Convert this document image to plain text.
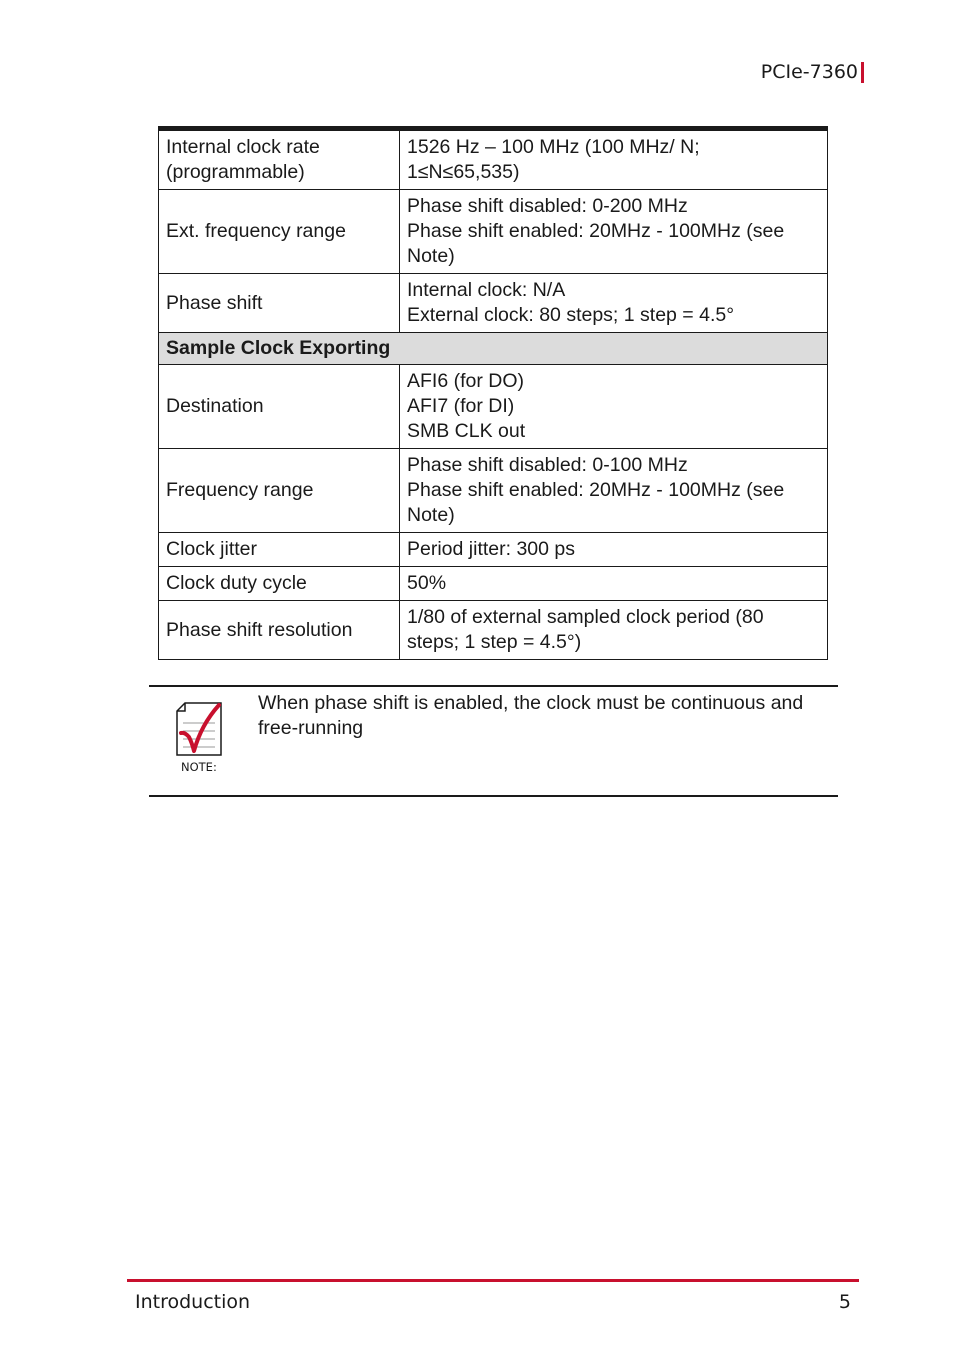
PCIe-7360
Internal clock rate
(programmable)	1526 Hz – 100 MHz (100 MHz/ N;
1≤N≤65,535)

Ext. frequency range	Phase shift disabled: 0-200 MHz
Phase shift enabled: 20MHz - 100MHz (see
Note)

Phase shift	Internal clock: N/A
External clock: 80 steps; 1 step = 4.5°

Sample Clock Exporting	

Destination	AFI6 (for DO)
AFI7 (for DI)
SMB CLK out

Frequency range	Phase shift disabled: 0-100 MHz
Phase shift enabled: 20MHz - 100MHz (see
Note)

Clock jitter	Period jitter: 300 ps

Clock duty cycle	50%

Phase shift resolution	1/80 of external sampled clock period (80
steps; 1 step = 4.5°)
NOTE:
When phase shift is enabled, the clock must be continuous and free-running
Introduction	5
